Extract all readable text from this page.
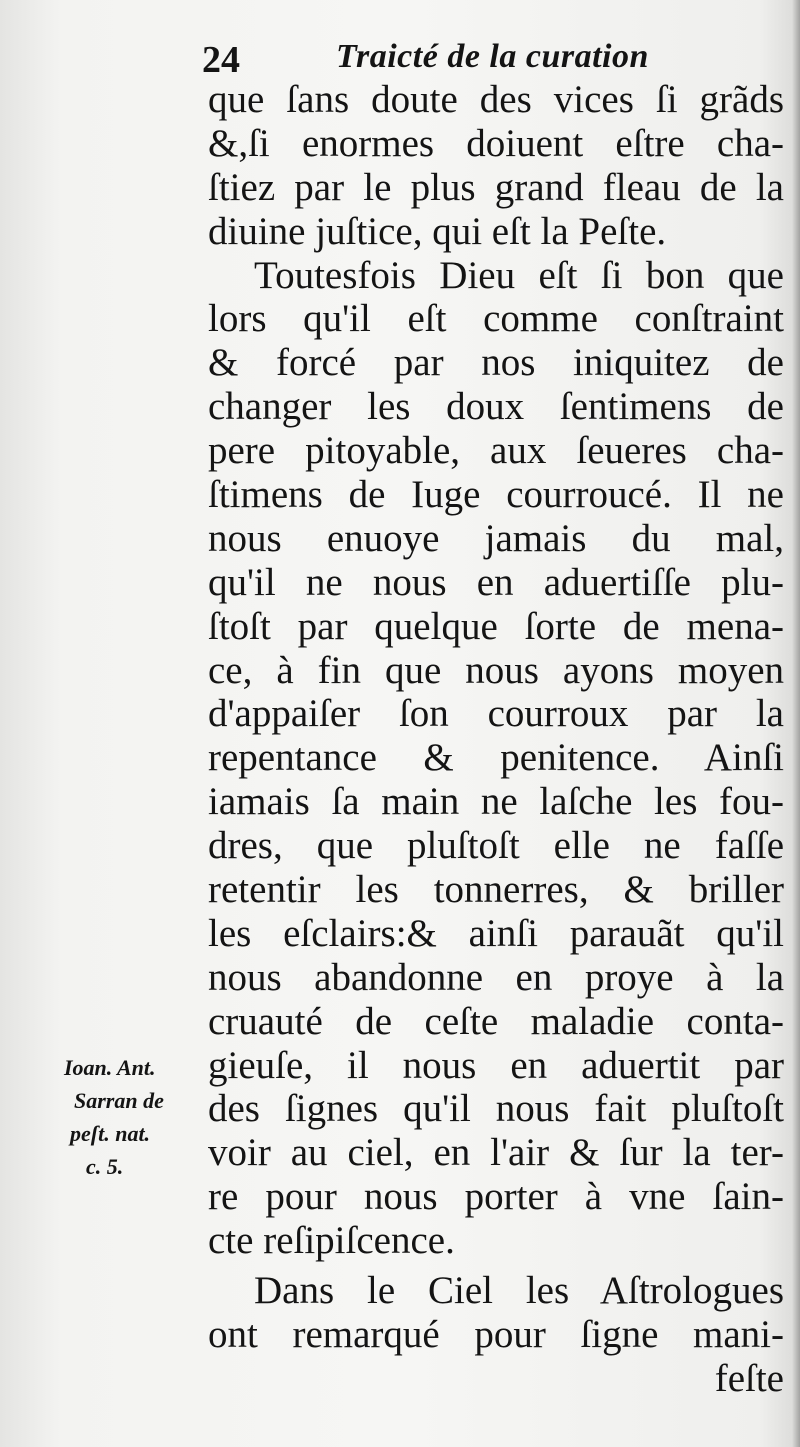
24	Traicté de la curation
que ſans doute des vices ſi grãds
&,ſi enormes doiuent eſtre cha-
ſtiez par le plus grand fleau de la
diuine juſtice, qui eſt la Peſte.
Toutesfois Dieu eſt ſi bon que
lors qu'il eſt comme conſtraint
& forcé par nos iniquitez de
changer les doux ſentimens de
pere pitoyable, aux ſeueres cha-
ſtimens de Iuge courroucé. Il ne
nous enuoye jamais du mal,
qu'il ne nous en aduertiſſe plu-
ſtoſt par quelque ſorte de mena-
ce, à fin que nous ayons moyen
d'appaiſer ſon courroux par la
repentance & penitence. Ainſi
iamais ſa main ne laſche les fou-
dres, que pluſtoſt elle ne faſſe
retentir les tonnerres, & briller
les eſclairs:& ainſi parauãt qu'il
nous abandonne en proye à la
cruauté de ceſte maladie conta-
gieuſe, il nous en aduertit par
des ſignes qu'il nous fait pluſtoſt
voir au ciel, en l'air & ſur la ter-
re pour nous porter à vne ſain-
cte reſipiſcence.
Dans le Ciel les Aſtrologues
ont remarqué pour ſigne mani-
feſte
Ioan. Ant.
Sarran de
peſt. nat.
c. 5.
